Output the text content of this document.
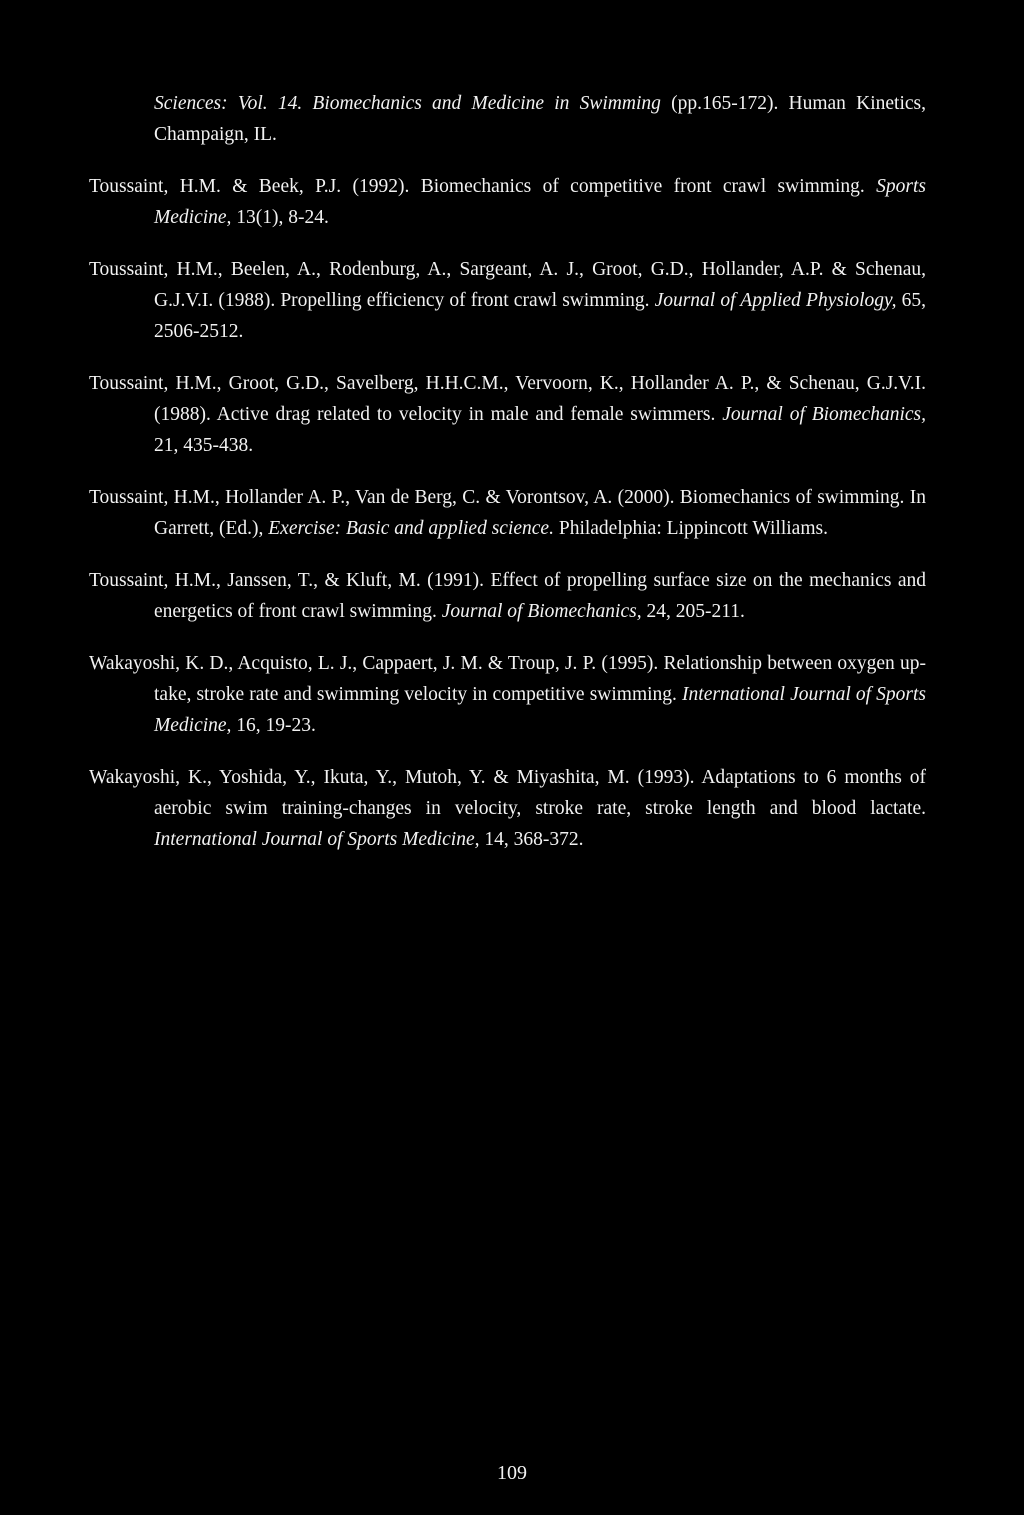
Sciences: Vol. 14. Biomechanics and Medicine in Swimming (pp.165-172). Human Kinetics, Champaign, IL.

Toussaint, H.M. & Beek, P.J. (1992). Biomechanics of competitive front crawl swimming. Sports Medicine, 13(1), 8-24.

Toussaint, H.M., Beelen, A., Rodenburg, A., Sargeant, A. J., Groot, G.D., Hollander, A.P. & Schenau, G.J.V.I. (1988). Propelling efficiency of front crawl swimming. Journal of Applied Physiology, 65, 2506-2512.

Toussaint, H.M., Groot, G.D., Savelberg, H.H.C.M., Vervoorn, K., Hollander A. P., & Schenau, G.J.V.I. (1988). Active drag related to velocity in male and female swimmers. Journal of Biomechanics, 21, 435-438.

Toussaint, H.M., Hollander A. P., Van de Berg, C. & Vorontsov, A. (2000). Biomechanics of swimming. In Garrett, (Ed.), Exercise: Basic and applied science. Philadelphia: Lippincott Williams.

Toussaint, H.M., Janssen, T., & Kluft, M. (1991). Effect of propelling surface size on the mechanics and energetics of front crawl swimming. Journal of Biomechanics, 24, 205-211.

Wakayoshi, K. D., Acquisto, L. J., Cappaert, J. M. & Troup, J. P. (1995). Relationship between oxygen up-take, stroke rate and swimming velocity in competitive swimming. International Journal of Sports Medicine, 16, 19-23.

Wakayoshi, K., Yoshida, Y., Ikuta, Y., Mutoh, Y. & Miyashita, M. (1993). Adaptations to 6 months of aerobic swim training-changes in velocity, stroke rate, stroke length and blood lactate. International Journal of Sports Medicine, 14, 368-372.

109
